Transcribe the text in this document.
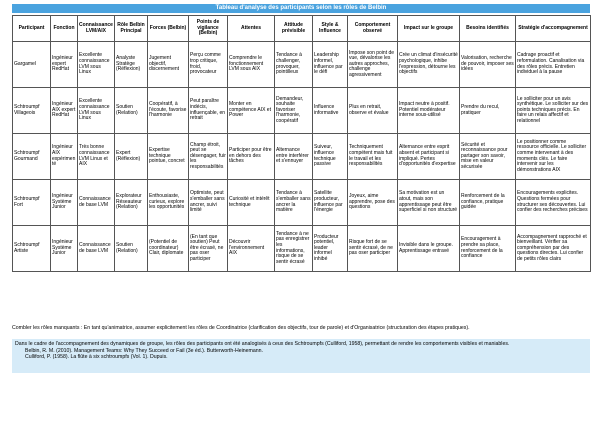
Tableau d'analyse des participants selon les rôles de Belbin
Participant	Fonction	Connaissance LVM/AIX	Rôle Belbin Principal	Forces (Belbin)	Points de vigilance (Belbin)	Attentes	Attitude prévisible	Style & Influence	Comportement observé	Impact sur le groupe	Besoins identifiés	Stratégie d'accompagnement
Gargamel	Ingénieur expert RedHat	Excellente connaissance LVM sous Linux	Analyste Stratège (Réflexion)	Jugement objectif, discernement	Perçu comme trop critique, froid, provocateur	Comprendre le fonctionnement LVM sous AIX	Tendance à challenger, provoquer, pointilleux	Leadership informel, influence par le défi	Impose son point de vue, dévalorise les autres approches, challenge agressivement	Crée un climat d'insécurité psychologique, inhibe l'expression, détourne les objectifs	Valorisation, recherche de pouvoir, imposer ses idées	Cadrage proactif et reformulation. Canalisation via des rôles précis. Entretien individuel à la pause
Schtroumpf Villageois	Ingénieur AIX expert RedHat	Excellente connaissance LVM sous Linux	Soutien (Relation)	Coopératif, à l'écoute, favorise l'harmonie	Peut paraître indécis, influençable, en retrait	Monter en compétence AIX et Power	Demandeur, souhaite favoriser l'harmonie, coopératif	Influence informative	Plus en retrait, observe et évalue	Impact neutre à positif. Potentiel modérateur interne sous-utilisé	Prendre du recul, pratiquer	Le solliciter pour un avis synthétique. Le solliciter sur des points techniques précis. En faire un relais affectif et relationnel
Schtroumpf Gourmand	Ingénieur AIX expérimenté	Très bonne connaissance LVM Linux et AIX	Expert (Réflexion)	Expertise technique pointue, concret	Champ étroit, peut se désengager, fuir les responsabilités	Participer pour être en dehors des tâches	Alternance entre interférer et s'ennuyer	Suiveur, influence technique passive	Techniquement compétent mais fuit le travail et les responsabilités	Alternance entre esprit absent et participant si impliqué. Pertes d'opportunités d'expertise	Sécurité et reconnaissance pour partager son savoir, mise en valeur sécurisée	Le positionner comme ressource officielle. Le solliciter comme intervenant à des moments clés. Le faire intervenir sur les démonstrations AIX
Schtroumpf Fort	Ingénieur Système Junior	Connaissance de base LVM	Explorateur Réseauteur (Relation)	Enthousiaste, curieux, explore les opportunités	Optimiste, peut s'emballer sans ancrer, suivi limité	Curiosité et intérêt technique	Tendance à s'emballer sans ancrer la matière	Satellite producteur, influence par l'énergie	Joyeux, aime apprendre, pose des questions	Sa motivation est un atout, mais son apprentissage peut être superficiel si non structuré	Renforcement de la confiance, pratique guidée	Encouragements explicites. Questions fermées pour structurer ses découvertes. Lui confier des recherches précises
Schtroumpf Artiste	Ingénieur Système Junior	Connaissance de base LVM	Soutien (Relation)	(Potentiel de coordinateur) Clair, diplomate	(En tant que soutien) Peut être écrasé, ne pas oser participer	Découvrir l'environnement AIX	Tendance à ne pas enregistrer les informations, risque de se sentir écrasé	Producteur potentiel, leader informel inhibé	Risque fort de se sentir écrasé, de ne pas oser participer	Invisible dans le groupe. Apprentissage entravé	Encouragement à prendre sa place, renforcement de la confiance	Accompagnement rapproché et bienveillant. Vérifier sa compréhension par des questions directes. Lui confier de petits rôles clairs
Combler les rôles manquants : En tant qu'animatrice, assumer explicitement les rôles de Coordinatrice (clarification des objectifs, tour de parole) et d'Organisatrice (structuration des étapes pratiques).
Dans le cadre de l'accompagnement des dynamiques de groupe, les rôles des participants ont été analogisés à ceux des Schtroumpfs (Culliford, 1958), permettant de rendre les comportements visibles et maniables.
Belbin, R. M. (2010). Management Teams: Why They Succeed or Fail (3e éd.). Butterworth-Heinemann.
Culliford, P. (1958). La flûte à six schtroumpfs (Vol. 1). Dupuis.
